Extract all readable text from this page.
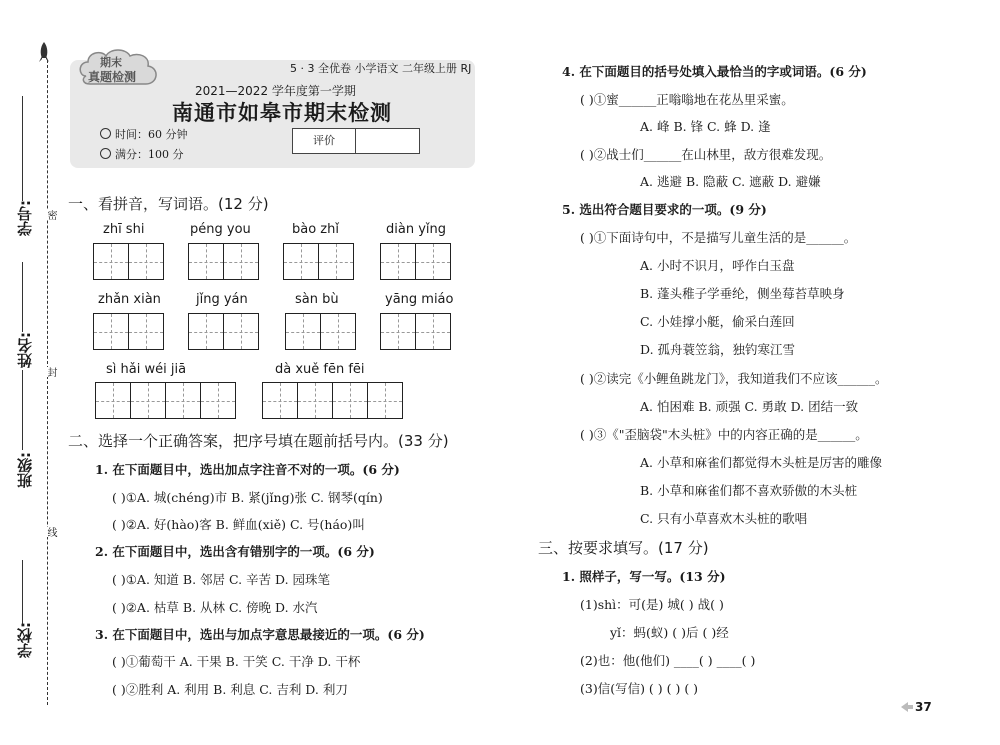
学号:
姓名:
班级:
学校:
密
封
线
期末
真题检测
5 · 3 全优卷 小学语文 二年级上册 RJ
2021—2022 学年度第一学期
南通市如皋市期末检测
时间：60 分钟
满分：100 分
评价
一、看拼音，写词语。(12 分)
zhī shi	péng you	bào zhǐ	diàn yǐng
zhǎn xiàn	jǐng yán	sàn bù	yāng miáo
sì hǎi wéi jiā	dà xuě fēn fēi
二、选择一个正确答案，把序号填在题前括号内。(33 分)
1. 在下面题目中，选出加点字注音不对的一项。(6 分)
( )①A. 城(chéng)市 B. 紧(jǐng)张 C. 钢琴(qín)
( )②A. 好(hào)客 B. 鲜血(xiě) C. 号(háo)叫
2. 在下面题目中，选出含有错别字的一项。(6 分)
( )①A. 知道 B. 邻居 C. 辛苦 D. 园珠笔
( )②A. 枯草 B. 从林 C. 傍晚 D. 水汽
3. 在下面题目中，选出与加点字意思最接近的一项。(6 分)
( )①葡萄干 A. 干果 B. 干笑 C. 干净 D. 干杯
( )②胜利 A. 利用 B. 利息 C. 吉利 D. 利刀
4. 在下面题目的括号处填入最恰当的字或词语。(6 分)
( )①蜜______正嗡嗡地在花丛里采蜜。
A. 峰 B. 锋 C. 蜂 D. 逢
( )②战士们______在山林里，敌方很难发现。
A. 逃避 B. 隐蔽 C. 遮蔽 D. 避嫌
5. 选出符合题目要求的一项。(9 分)
( )①下面诗句中，不是描写儿童生活的是______。
A. 小时不识月，呼作白玉盘
B. 蓬头稚子学垂纶，侧坐莓苔草映身
C. 小娃撑小艇，偷采白莲回
D. 孤舟蓑笠翁，独钓寒江雪
( )②读完《小鲤鱼跳龙门》，我知道我们不应该______。
A. 怕困难 B. 顽强 C. 勇敢 D. 团结一致
( )③《"歪脑袋"木头桩》中的内容正确的是______。
A. 小草和麻雀们都觉得木头桩是厉害的雕像
B. 小草和麻雀们都不喜欢骄傲的木头桩
C. 只有小草喜欢木头桩的歌唱
三、按要求填写。(17 分)
1. 照样子，写一写。(13 分)
(1)shì：可(是) 城( ) 战( )
yǐ：蚂(蚁) ( )后 ( )经
(2)也：他(他们) ____( ) ____( )
(3)信(写信) ( ) ( ) ( )
37
